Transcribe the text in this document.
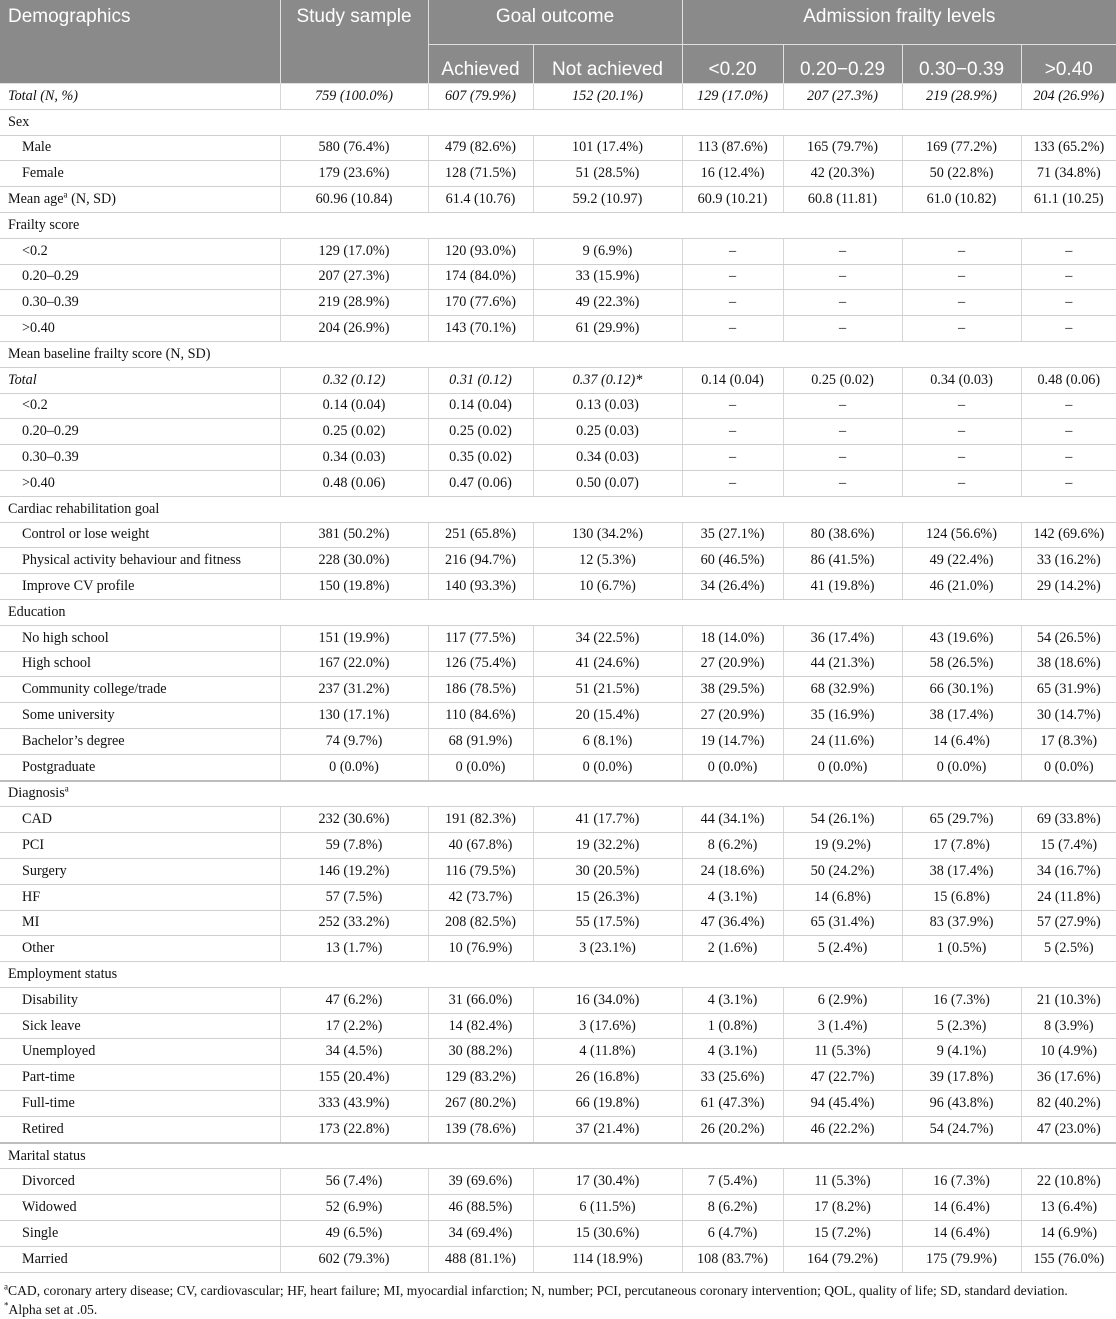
Demographics	Study sample	Goal outcome		Admission frailty levels			
		Achieved	Not achieved	<0.20	0.20−0.29	0.30−0.39	>0.40
Total (N, %)	759 (100.0%)	607 (79.9%)	152 (20.1%)	129 (17.0%)	207 (27.3%)	219 (28.9%)	204 (26.9%)
Sex							
Male	580 (76.4%)	479 (82.6%)	101 (17.4%)	113 (87.6%)	165 (79.7%)	169 (77.2%)	133 (65.2%)
Female	179 (23.6%)	128 (71.5%)	51 (28.5%)	16 (12.4%)	42 (20.3%)	50 (22.8%)	71 (34.8%)
Mean age$^a$ (N, SD)	60.96 (10.84)	61.4 (10.76)	59.2 (10.97)	60.9 (10.21)	60.8 (11.81)	61.0 (10.82)	61.1 (10.25)
Frailty score							
<0.2	129 (17.0%)	120 (93.0%)	9 (6.9%)	–	–	–	–
0.20–0.29	207 (27.3%)	174 (84.0%)	33 (15.9%)	–	–	–	–
0.30–0.39	219 (28.9%)	170 (77.6%)	49 (22.3%)	–	–	–	–
>0.40	204 (26.9%)	143 (70.1%)	61 (29.9%)	–	–	–	–
Mean baseline frailty score (N, SD)							
Total	0.32 (0.12)	0.31 (0.12)	0.37 (0.12)*	0.14 (0.04)	0.25 (0.02)	0.34 (0.03)	0.48 (0.06)
<0.2	0.14 (0.04)	0.14 (0.04)	0.13 (0.03)	–	–	–	–
0.20–0.29	0.25 (0.02)	0.25 (0.02)	0.25 (0.03)	–	–	–	–
0.30–0.39	0.34 (0.03)	0.35 (0.02)	0.34 (0.03)	–	–	–	–
>0.40	0.48 (0.06)	0.47 (0.06)	0.50 (0.07)	–	–	–	–
Cardiac rehabilitation goal							
Control or lose weight	381 (50.2%)	251 (65.8%)	130 (34.2%)	35 (27.1%)	80 (38.6%)	124 (56.6%)	142 (69.6%)
Physical activity behaviour and fitness	228 (30.0%)	216 (94.7%)	12 (5.3%)	60 (46.5%)	86 (41.5%)	49 (22.4%)	33 (16.2%)
Improve CV profile	150 (19.8%)	140 (93.3%)	10 (6.7%)	34 (26.4%)	41 (19.8%)	46 (21.0%)	29 (14.2%)
Education							
No high school	151 (19.9%)	117 (77.5%)	34 (22.5%)	18 (14.0%)	36 (17.4%)	43 (19.6%)	54 (26.5%)
High school	167 (22.0%)	126 (75.4%)	41 (24.6%)	27 (20.9%)	44 (21.3%)	58 (26.5%)	38 (18.6%)
Community college/trade	237 (31.2%)	186 (78.5%)	51 (21.5%)	38 (29.5%)	68 (32.9%)	66 (30.1%)	65 (31.9%)
Some university	130 (17.1%)	110 (84.6%)	20 (15.4%)	27 (20.9%)	35 (16.9%)	38 (17.4%)	30 (14.7%)
Bachelor’s degree	74 (9.7%)	68 (91.9%)	6 (8.1%)	19 (14.7%)	24 (11.6%)	14 (6.4%)	17 (8.3%)
Postgraduate	0 (0.0%)	0 (0.0%)	0 (0.0%)	0 (0.0%)	0 (0.0%)	0 (0.0%)	0 (0.0%)
Diagnosis$^a$
CAD	232 (30.6%)	191 (82.3%)	41 (17.7%)	44 (34.1%)	54 (26.1%)	65 (29.7%)	69 (33.8%)
PCI	59 (7.8%)	40 (67.8%)	19 (32.2%)	8 (6.2%)	19 (9.2%)	17 (7.8%)	15 (7.4%)
Surgery	146 (19.2%)	116 (79.5%)	30 (20.5%)	24 (18.6%)	50 (24.2%)	38 (17.4%)	34 (16.7%)
HF	57 (7.5%)	42 (73.7%)	15 (26.3%)	4 (3.1%)	14 (6.8%)	15 (6.8%)	24 (11.8%)
MI	252 (33.2%)	208 (82.5%)	55 (17.5%)	47 (36.4%)	65 (31.4%)	83 (37.9%)	57 (27.9%)
Other	13 (1.7%)	10 (76.9%)	3 (23.1%)	2 (1.6%)	5 (2.4%)	1 (0.5%)	5 (2.5%)
Employment status							
Disability	47 (6.2%)	31 (66.0%)	16 (34.0%)	4 (3.1%)	6 (2.9%)	16 (7.3%)	21 (10.3%)
Sick leave	17 (2.2%)	14 (82.4%)	3 (17.6%)	1 (0.8%)	3 (1.4%)	5 (2.3%)	8 (3.9%)
Unemployed	34 (4.5%)	30 (88.2%)	4 (11.8%)	4 (3.1%)	11 (5.3%)	9 (4.1%)	10 (4.9%)
Part-time	155 (20.4%)	129 (83.2%)	26 (16.8%)	33 (25.6%)	47 (22.7%)	39 (17.8%)	36 (17.6%)
Full-time	333 (43.9%)	267 (80.2%)	66 (19.8%)	61 (47.3%)	94 (45.4%)	96 (43.8%)	82 (40.2%)
Retired	173 (22.8%)	139 (78.6%)	37 (21.4%)	26 (20.2%)	46 (22.2%)	54 (24.7%)	47 (23.0%)
Marital status							
Divorced	56 (7.4%)	39 (69.6%)	17 (30.4%)	7 (5.4%)	11 (5.3%)	16 (7.3%)	22 (10.8%)
Widowed	52 (6.9%)	46 (88.5%)	6 (11.5%)	8 (6.2%)	17 (8.2%)	14 (6.4%)	13 (6.4%)
Single	49 (6.5%)	34 (69.4%)	15 (30.6%)	6 (4.7%)	15 (7.2%)	14 (6.4%)	14 (6.9%)
Married	602 (79.3%)	488 (81.1%)	114 (18.9%)	108 (83.7%)	164 (79.2%)	175 (79.9%)	155 (76.0%)

$^a$CAD, coronary artery disease; CV, cardiovascular; HF, heart failure; MI, myocardial infarction; N, number; PCI, percutaneous coronary intervention; QOL, quality of life; SD, standard deviation.

*Alpha set at .05.
